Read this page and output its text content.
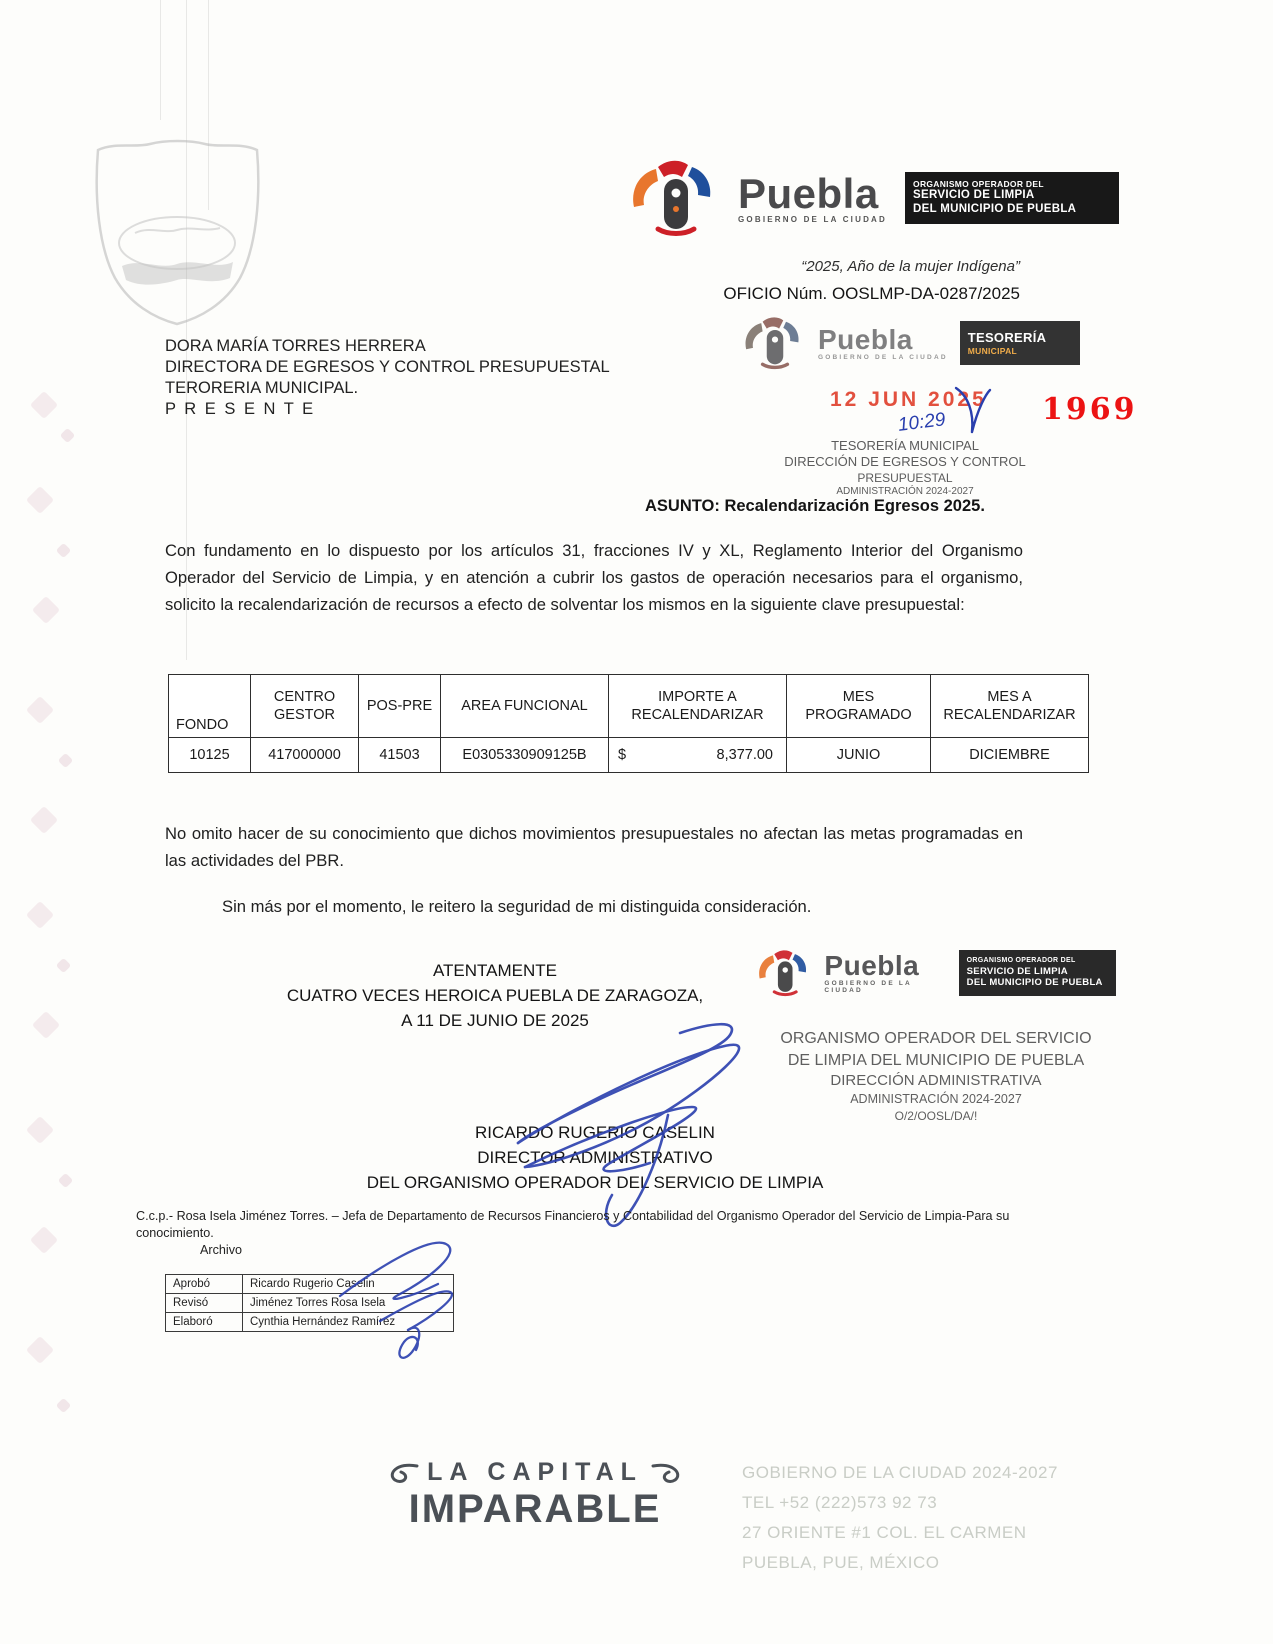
Puebla
GOBIERNO DE LA CIUDAD
ORGANISMO OPERADOR DEL
SERVICIO DE LIMPIA
DEL MUNICIPIO DE PUEBLA
“2025, Año de la mujer Indígena”
OFICIO Núm. OOSLMP-DA-0287/2025
DORA MARÍA TORRES HERRERA
DIRECTORA DE EGRESOS Y CONTROL PRESUPUESTAL
TERORERIA MUNICIPAL.
P R E S E N T E
Puebla
GOBIERNO DE LA CIUDAD
TESORERÍA
MUNICIPAL
12 JUN 2025
10:29	1969
TESORERÍA MUNICIPAL
DIRECCIÓN DE EGRESOS Y CONTROL
PRESUPUESTAL
ADMINISTRACIÓN 2024-2027
ASUNTO: Recalendarización Egresos 2025.
Con fundamento en lo dispuesto por los artículos 31, fracciones IV y XL, Reglamento Interior del Organismo Operador del Servicio de Limpia, y en atención a cubrir los gastos de operación necesarios para el organismo, solicito la recalendarización de recursos a efecto de solventar los mismos en la siguiente clave presupuestal:
FONDO	CENTRO GESTOR	POS-PRE	AREA FUNCIONAL	IMPORTE A RECALENDARIZAR	MES PROGRAMADO	MES A RECALENDARIZAR
10125	417000000	41503	E0305330909125B	$ 8,377.00	JUNIO	DICIEMBRE
No omito hacer de su conocimiento que dichos movimientos presupuestales no afectan las metas programadas en las actividades del PBR.
Sin más por el momento, le reitero la seguridad de mi distinguida consideración.
ATENTAMENTE
CUATRO VECES HEROICA PUEBLA DE ZARAGOZA,
A 11 DE JUNIO DE 2025
Puebla
GOBIERNO DE LA CIUDAD
ORGANISMO OPERADOR DEL
SERVICIO DE LIMPIA
DEL MUNICIPIO DE PUEBLA
ORGANISMO OPERADOR DEL SERVICIO
DE LIMPIA DEL MUNICIPIO DE PUEBLA
DIRECCIÓN ADMINISTRATIVA
ADMINISTRACIÓN 2024-2027
O/2/OOSL/DA/!
RICARDO RUGERIO CASELIN
DIRECTOR ADMINISTRATIVO
DEL ORGANISMO OPERADOR DEL SERVICIO DE LIMPIA
C.c.p.- Rosa Isela Jiménez Torres. – Jefa de Departamento de Recursos Financieros y Contabilidad del Organismo Operador del Servicio de Limpia-Para su conocimiento.
Archivo
Aprobó	Ricardo Rugerio Caselin
Revisó	Jiménez Torres Rosa Isela
Elaboró	Cynthia Hernández Ramírez
LA CAPITAL
IMPARABLE
GOBIERNO DE LA CIUDAD 2024-2027
TEL +52 (222)573 92 73
27 ORIENTE #1 COL. EL CARMEN
PUEBLA, PUE, MÉXICO
